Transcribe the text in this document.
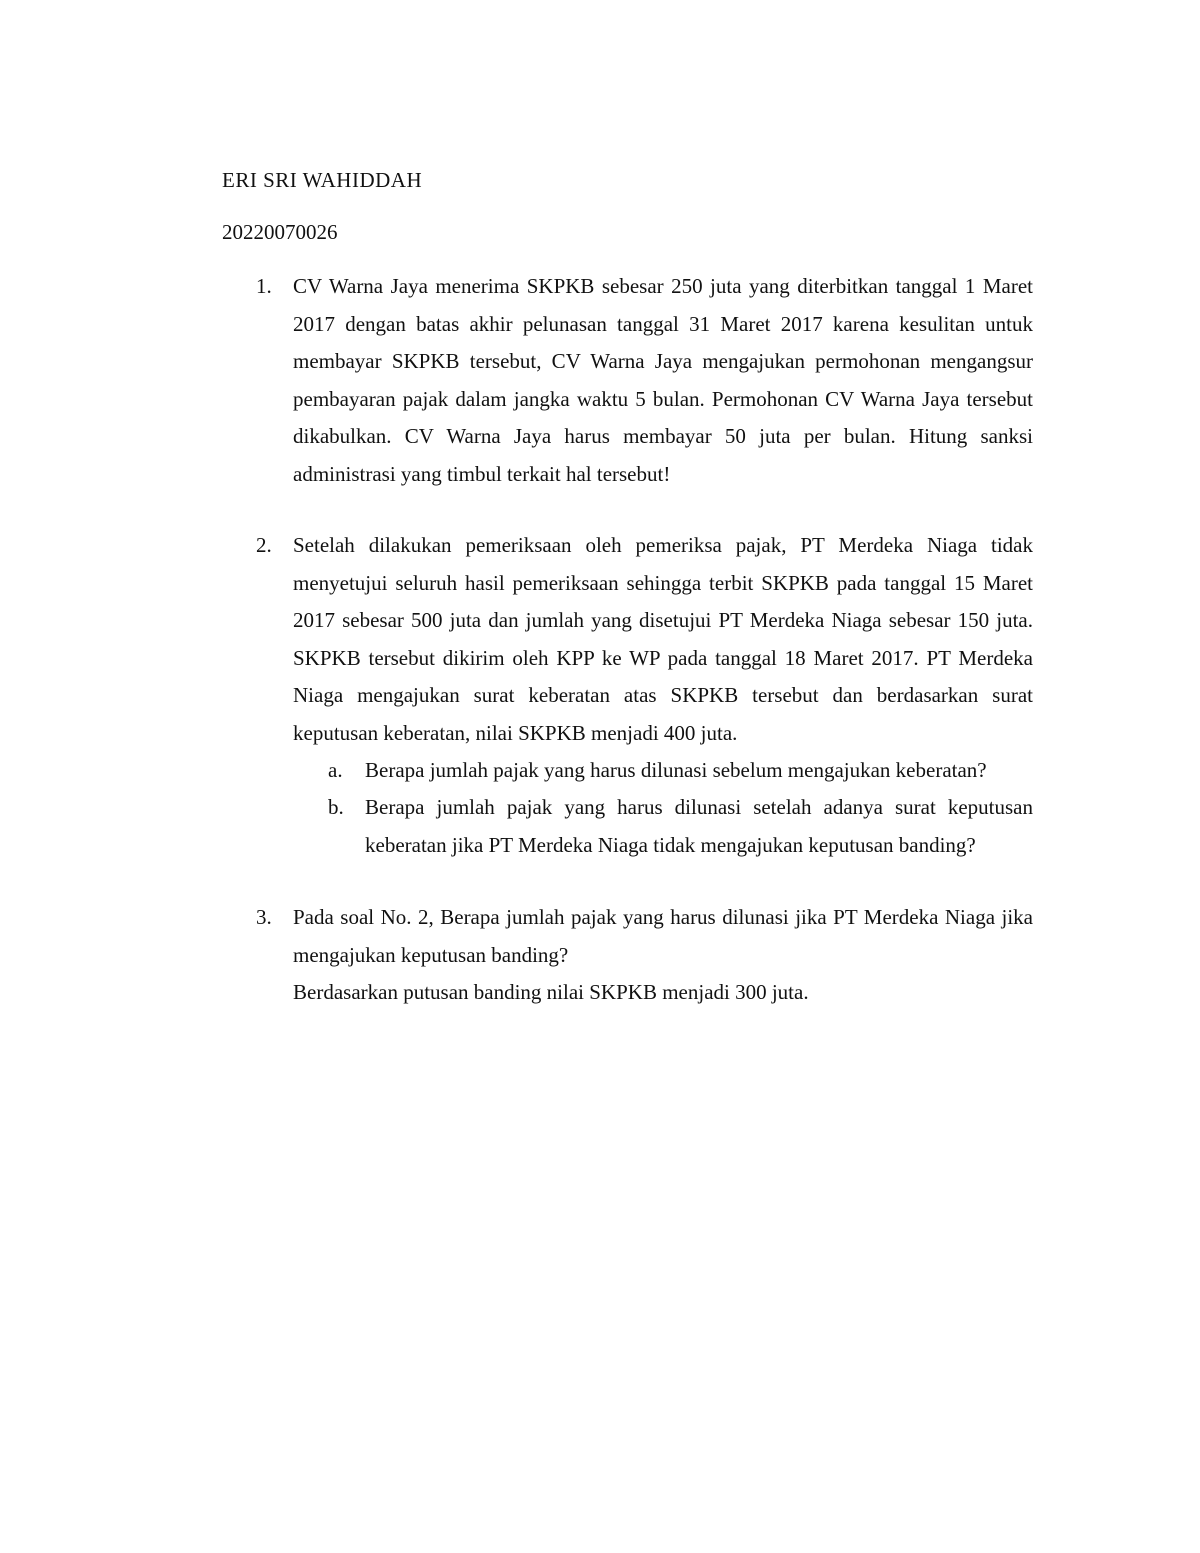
ERI SRI WAHIDDAH
20220070026
1. CV Warna Jaya menerima SKPKB sebesar 250 juta yang diterbitkan tanggal 1 Maret 2017 dengan batas akhir pelunasan tanggal 31 Maret 2017 karena kesulitan untuk membayar SKPKB tersebut, CV Warna Jaya mengajukan permohonan mengangsur pembayaran pajak dalam jangka waktu 5 bulan. Permohonan CV Warna Jaya tersebut dikabulkan. CV Warna Jaya harus membayar 50 juta per bulan. Hitung sanksi administrasi yang timbul terkait hal tersebut!

2. Setelah dilakukan pemeriksaan oleh pemeriksa pajak, PT Merdeka Niaga tidak menyetujui seluruh hasil pemeriksaan sehingga terbit SKPKB pada tanggal 15 Maret 2017 sebesar 500 juta dan jumlah yang disetujui PT Merdeka Niaga sebesar 150 juta. SKPKB tersebut dikirim oleh KPP ke WP pada tanggal 18 Maret 2017. PT Merdeka Niaga mengajukan surat keberatan atas SKPKB tersebut dan berdasarkan surat keputusan keberatan, nilai SKPKB menjadi 400 juta.

a. Berapa jumlah pajak yang harus dilunasi sebelum mengajukan keberatan?

b. Berapa jumlah pajak yang harus dilunasi setelah adanya surat keputusan keberatan jika PT Merdeka Niaga tidak mengajukan keputusan banding?

3. Pada soal No. 2, Berapa jumlah pajak yang harus dilunasi jika PT Merdeka Niaga jika mengajukan keputusan banding?

Berdasarkan putusan banding nilai SKPKB menjadi 300 juta.
